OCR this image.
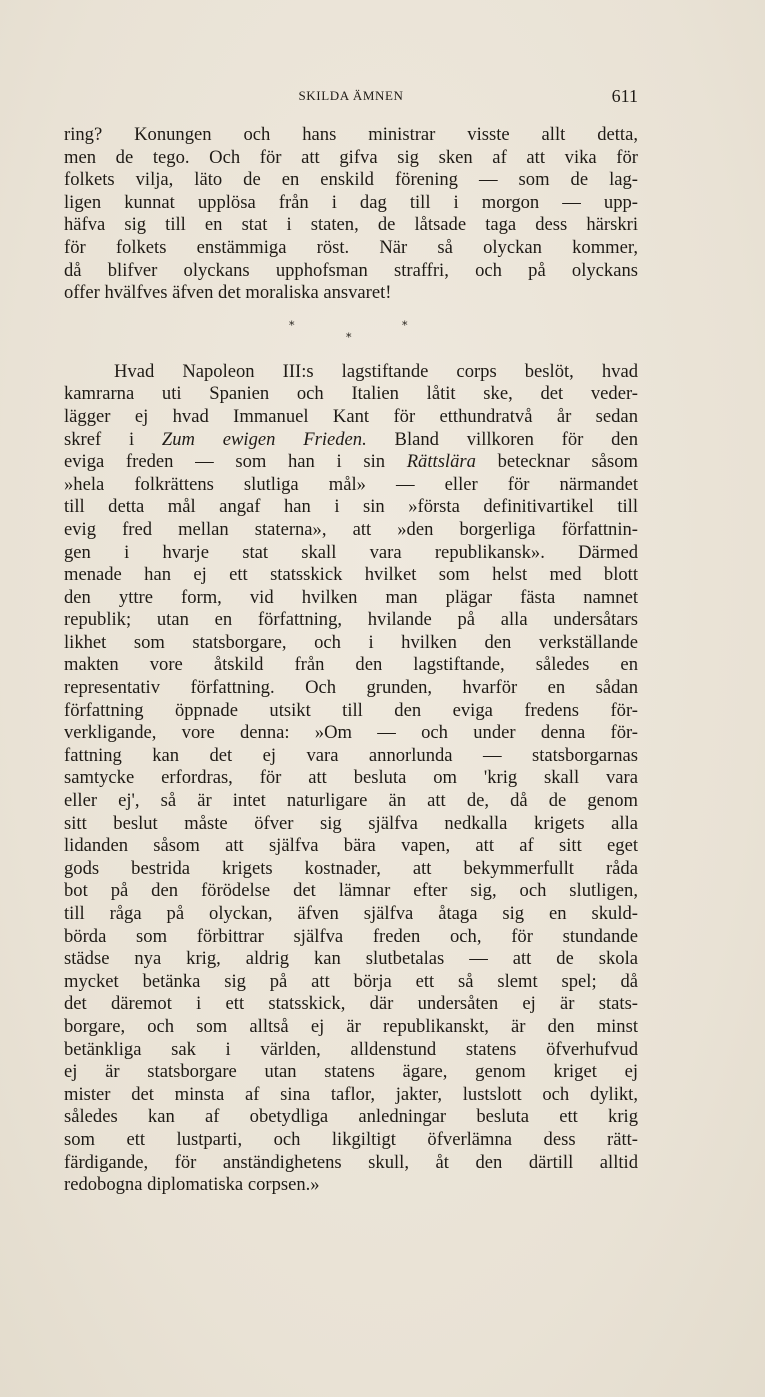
SKILDA ÄMNEN	611

ring? Konungen och hans ministrar visste allt detta,
men de tego. Och för att gifva sig sken af att vika för
folkets vilja, läto de en enskild förening — som de lag-
ligen kunnat upplösa från i dag till i morgon — upp-
häfva sig till en stat i staten, de låtsade taga dess härskri
för folkets enstämmiga röst. När så olyckan kommer,
då blifver olyckans upphofsman straffri, och på olyckans
offer hvälfves äfven det moraliska ansvaret!

*
*
*

Hvad Napoleon III:s lagstiftande corps beslöt, hvad
kamrarna uti Spanien och Italien låtit ske, det veder-
lägger ej hvad Immanuel Kant för etthundratvå år sedan
skref i Zum ewigen Frieden. Bland villkoren för den
eviga freden — som han i sin Rättslära betecknar såsom
»hela folkrättens slutliga mål» — eller för närmandet
till detta mål angaf han i sin »första definitivartikel till
evig fred mellan staterna», att »den borgerliga författnin-
gen i hvarje stat skall vara republikansk». Därmed
menade han ej ett statsskick hvilket som helst med blott
den yttre form, vid hvilken man plägar fästa namnet
republik; utan en författning, hvilande på alla undersåtars
likhet som statsborgare, och i hvilken den verkställande
makten vore åtskild från den lagstiftande, således en
representativ författning. Och grunden, hvarför en sådan
författning öppnade utsikt till den eviga fredens för-
verkligande, vore denna: »Om — och under denna för-
fattning kan det ej vara annorlunda — statsborgarnas
samtycke erfordras, för att besluta om 'krig skall vara
eller ej', så är intet naturligare än att de, då de genom
sitt beslut måste öfver sig själfva nedkalla krigets alla
lidanden såsom att själfva bära vapen, att af sitt eget
gods bestrida krigets kostnader, att bekymmerfullt råda
bot på den förödelse det lämnar efter sig, och slutligen,
till råga på olyckan, äfven själfva åtaga sig en skuld-
börda som förbittrar själfva freden och, för stundande
städse nya krig, aldrig kan slutbetalas — att de skola
mycket betänka sig på att börja ett så slemt spel; då
det däremot i ett statsskick, där undersåten ej är stats-
borgare, och som alltså ej är republikanskt, är den minst
betänkliga sak i världen, alldenstund statens öfverhufvud
ej är statsborgare utan statens ägare, genom kriget ej
mister det minsta af sina taflor, jakter, lustslott och dylikt,
således kan af obetydliga anledningar besluta ett krig
som ett lustparti, och likgiltigt öfverlämna dess rätt-
färdigande, för anständighetens skull, åt den därtill alltid
redobogna diplomatiska corpsen.»
